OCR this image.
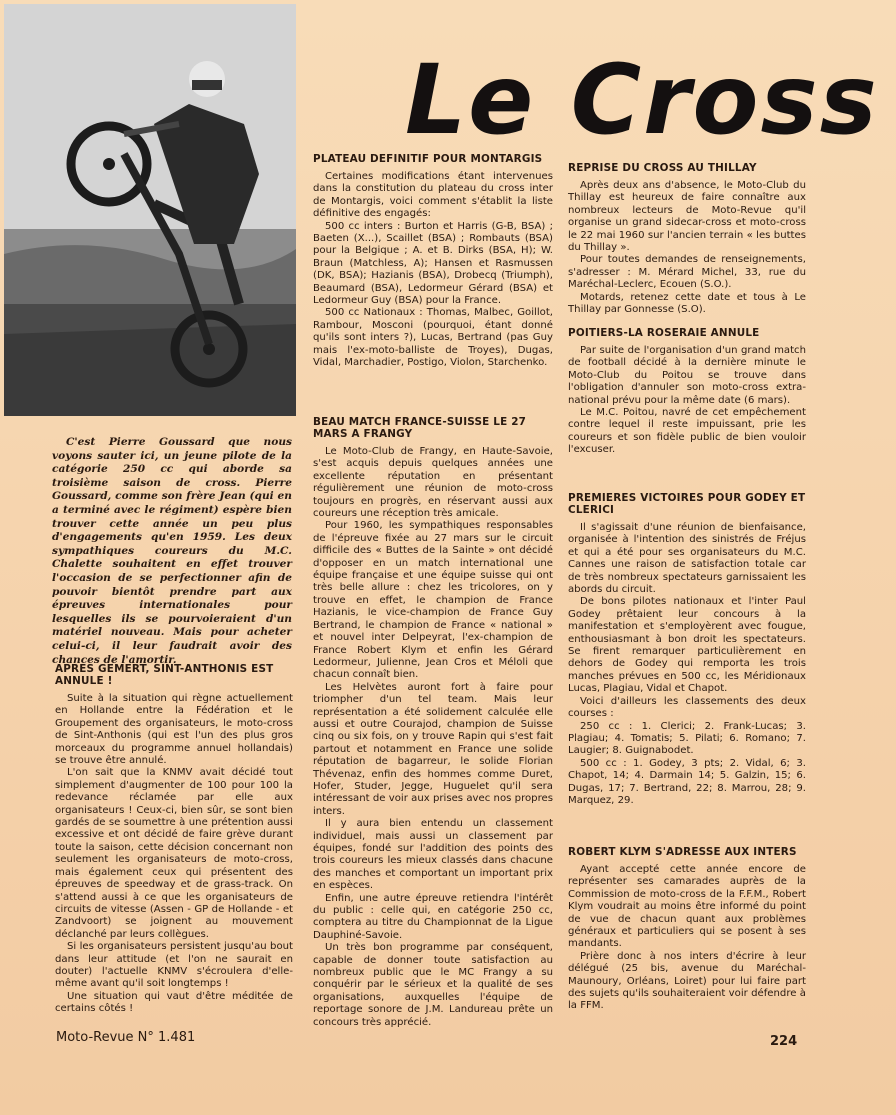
Le Cross

C'est Pierre Goussard que nous voyons sauter ici, un jeune pilote de la catégorie 250 cc qui aborde sa troisième saison de cross. Pierre Goussard, comme son frère Jean (qui en a terminé avec le régiment) espère bien trouver cette année un peu plus d'engagements qu'en 1959. Les deux sympathiques coureurs du M.C. Chalette souhaitent en effet trouver l'occasion de se perfectionner afin de pouvoir bientôt prendre part aux épreuves internationales pour lesquelles ils se pourvoieraient d'un matériel nouveau. Mais pour acheter celui-ci, il leur faudrait avoir des chances de l'amortir.

APRES GEMERT, SINT-ANTHONIS EST ANNULE !

Suite à la situation qui règne actuellement en Hollande entre la Fédération et le Groupement des organisateurs, le moto-cross de Sint-Anthonis (qui est l'un des plus gros morceaux du programme annuel hollandais) se trouve être annulé.

L'on sait que la KNMV avait décidé tout simplement d'augmenter de 100 pour 100 la redevance réclamée par elle aux organisateurs ! Ceux-ci, bien sûr, se sont bien gardés de se soumettre à une prétention aussi excessive et ont décidé de faire grève durant toute la saison, cette décision concernant non seulement les organisateurs de moto-cross, mais également ceux qui présentent des épreuves de speedway et de grass-track. On s'attend aussi à ce que les organisateurs de circuits de vitesse (Assen - GP de Hollande - et Zandvoort) se joignent au mouvement déclanché par leurs collègues.

Si les organisateurs persistent jusqu'au bout dans leur attitude (et l'on ne saurait en douter) l'actuelle KNMV s'écroulera d'elle-même avant qu'il soit longtemps !

Une situation qui vaut d'être méditée de certains côtés !

PLATEAU DEFINITIF POUR MONTARGIS

Certaines modifications étant intervenues dans la constitution du plateau du cross inter de Montargis, voici comment s'établit la liste définitive des engagés:

500 cc inters : Burton et Harris (G-B, BSA) ; Baeten (X...), Scaillet (BSA) ; Rombauts (BSA) pour la Belgique ; A. et B. Dirks (BSA, H); W. Braun (Matchless, A); Hansen et Rasmussen (DK, BSA); Hazianis (BSA), Drobecq (Triumph), Beaumard (BSA), Ledormeur Gérard (BSA) et Ledormeur Guy (BSA) pour la France.

500 cc Nationaux : Thomas, Malbec, Goillot, Rambour, Mosconi (pourquoi, étant donné qu'ils sont inters ?), Lucas, Bertrand (pas Guy mais l'ex-moto-balliste de Troyes), Dugas, Vidal, Marchadier, Postigo, Violon, Starchenko.

BEAU MATCH FRANCE-SUISSE LE 27 MARS A FRANGY

Le Moto-Club de Frangy, en Haute-Savoie, s'est acquis depuis quelques années une excellente réputation en présentant régulièrement une réunion de moto-cross toujours en progrès, en réservant aussi aux coureurs une réception très amicale.

Pour 1960, les sympathiques responsables de l'épreuve fixée au 27 mars sur le circuit difficile des « Buttes de la Sainte » ont décidé d'opposer en un match international une équipe française et une équipe suisse qui ont très belle allure : chez les tricolores, on y trouve en effet, le champion de France Hazianis, le vice-champion de France Guy Bertrand, le champion de France « national » et nouvel inter Delpeyrat, l'ex-champion de France Robert Klym et enfin les Gérard Ledormeur, Julienne, Jean Cros et Méloli que chacun connaît bien.

Les Helvètes auront fort à faire pour triompher d'un tel team. Mais leur représentation a été solidement calculée elle aussi et outre Courajod, champion de Suisse cinq ou six fois, on y trouve Rapin qui s'est fait partout et notamment en France une solide réputation de bagarreur, le solide Florian Thévenaz, enfin des hommes comme Duret, Hofer, Studer, Jegge, Huguelet qu'il sera intéressant de voir aux prises avec nos propres inters.

Il y aura bien entendu un classement individuel, mais aussi un classement par équipes, fondé sur l'addition des points des trois coureurs les mieux classés dans chacune des manches et comportant un important prix en espèces.

Enfin, une autre épreuve retiendra l'intérêt du public : celle qui, en catégorie 250 cc, comptera au titre du Championnat de la Ligue Dauphiné-Savoie.

Un très bon programme par conséquent, capable de donner toute satisfaction au nombreux public que le MC Frangy a su conquérir par le sérieux et la qualité de ses organisations, auxquelles l'équipe de reportage sonore de J.M. Landureau prête un concours très apprécié.

REPRISE DU CROSS AU THILLAY

Après deux ans d'absence, le Moto-Club du Thillay est heureux de faire connaître aux nombreux lecteurs de Moto-Revue qu'il organise un grand sidecar-cross et moto-cross le 22 mai 1960 sur l'ancien terrain « les buttes du Thillay ».

Pour toutes demandes de renseignements, s'adresser : M. Mérard Michel, 33, rue du Maréchal-Leclerc, Ecouen (S.O.).

Motards, retenez cette date et tous à Le Thillay par Gonnesse (S.O).

POITIERS-LA ROSERAIE ANNULE

Par suite de l'organisation d'un grand match de football décidé à la dernière minute le Moto-Club du Poitou se trouve dans l'obligation d'annuler son moto-cross extra-national prévu pour la même date (6 mars).

Le M.C. Poitou, navré de cet empêchement contre lequel il reste impuissant, prie les coureurs et son fidèle public de bien vouloir l'excuser.

PREMIERES VICTOIRES POUR GODEY ET CLERICI

Il s'agissait d'une réunion de bienfaisance, organisée à l'intention des sinistrés de Fréjus et qui a été pour ses organisateurs du M.C. Cannes une raison de satisfaction totale car de très nombreux spectateurs garnissaient les abords du circuit.

De bons pilotes nationaux et l'inter Paul Godey prêtaient leur concours à la manifestation et s'employèrent avec fougue, enthousiasmant à bon droit les spectateurs. Se firent remarquer particulièrement en dehors de Godey qui remporta les trois manches prévues en 500 cc, les Méridionaux Lucas, Plagiau, Vidal et Chapot.

Voici d'ailleurs les classements des deux courses :

250 cc : 1. Clerici; 2. Frank-Lucas; 3. Plagiau; 4. Tomatis; 5. Pilati; 6. Romano; 7. Laugier; 8. Guignabodet.

500 cc : 1. Godey, 3 pts; 2. Vidal, 6; 3. Chapot, 14; 4. Darmain 14; 5. Galzin, 15; 6. Dugas, 17; 7. Bertrand, 22; 8. Marrou, 28; 9. Marquez, 29.

ROBERT KLYM S'ADRESSE AUX INTERS

Ayant accepté cette année encore de représenter ses camarades auprès de la Commission de moto-cross de la F.F.M., Robert Klym voudrait au moins être informé du point de vue de chacun quant aux problèmes généraux et particuliers qui se posent à ses mandants.

Prière donc à nos inters d'écrire à leur délégué (25 bis, avenue du Maréchal-Maunoury, Orléans, Loiret) pour lui faire part des sujets qu'ils souhaiteraient voir défendre à la FFM.

Moto-Revue N° 1.481	224
